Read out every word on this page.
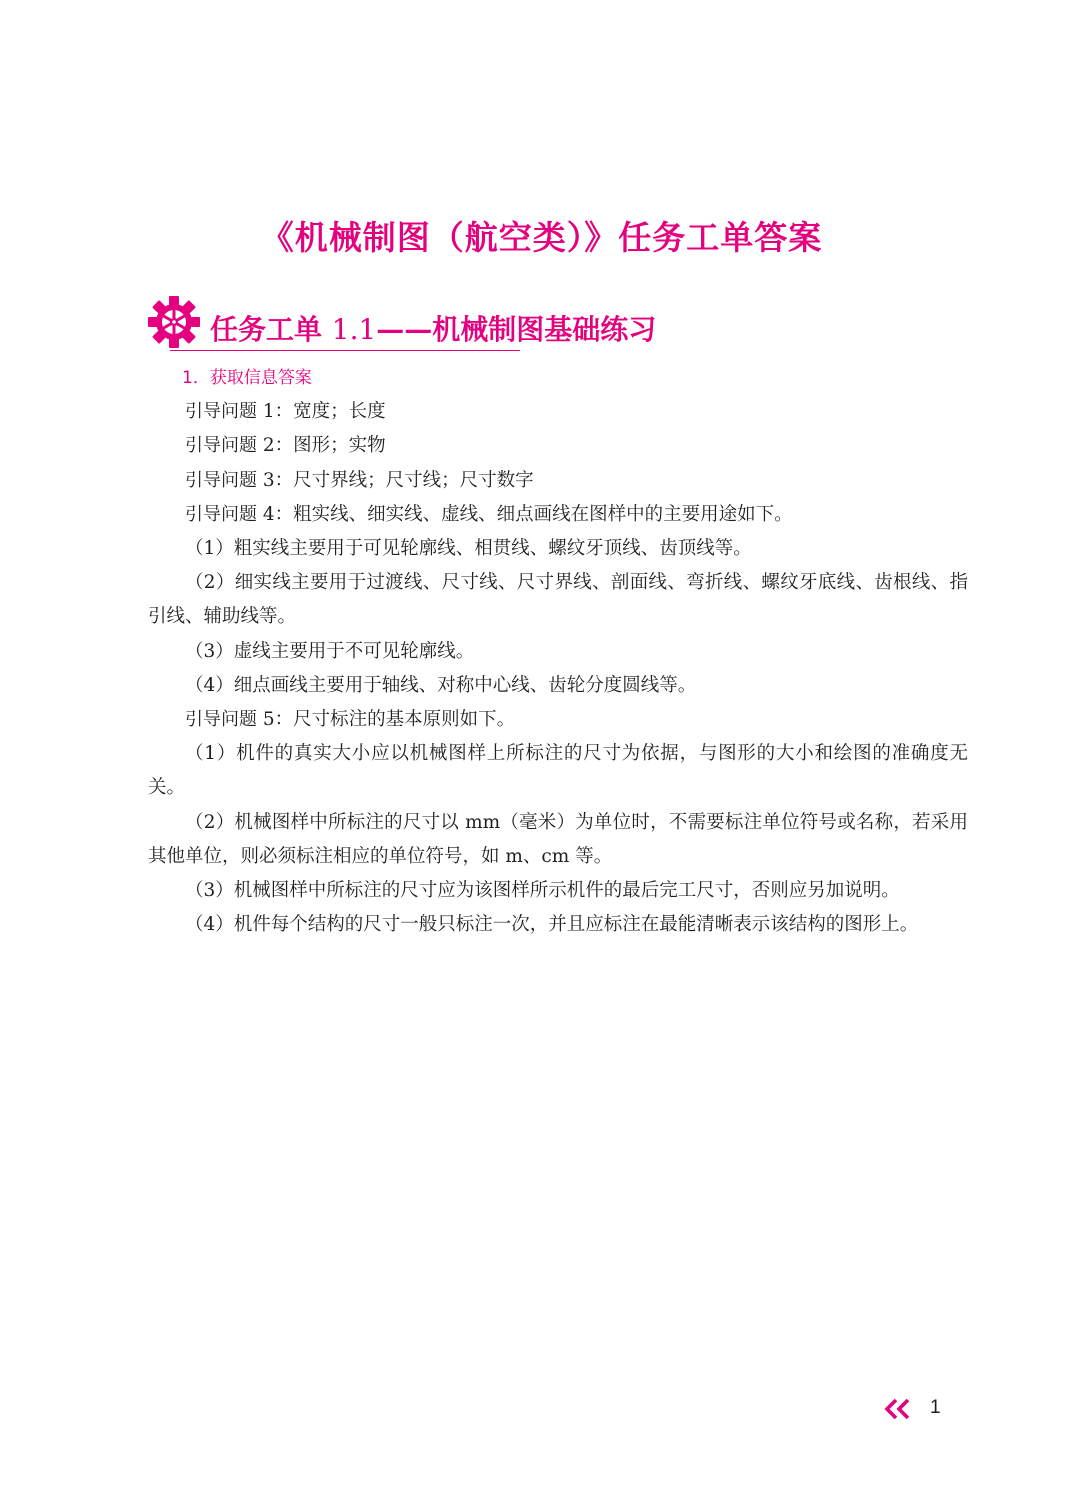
《机械制图（航空类）》任务工单答案
任务工单 1.1——机械制图基础练习

1．获取信息答案

引导问题 1：宽度；长度

引导问题 2：图形；实物

引导问题 3：尺寸界线；尺寸线；尺寸数字

引导问题 4：粗实线、细实线、虚线、细点画线在图样中的主要用途如下。

（1）粗实线主要用于可见轮廓线、相贯线、螺纹牙顶线、齿顶线等。

（2）细实线主要用于过渡线、尺寸线、尺寸界线、剖面线、弯折线、螺纹牙底线、齿根线、指引线、辅助线等。

（3）虚线主要用于不可见轮廓线。

（4）细点画线主要用于轴线、对称中心线、齿轮分度圆线等。

引导问题 5：尺寸标注的基本原则如下。

（1）机件的真实大小应以机械图样上所标注的尺寸为依据，与图形的大小和绘图的准确度无关。

（2）机械图样中所标注的尺寸以 mm（毫米）为单位时，不需要标注单位符号或名称，若采用其他单位，则必须标注相应的单位符号，如 m、cm 等。

（3）机械图样中所标注的尺寸应为该图样所示机件的最后完工尺寸，否则应另加说明。

（4）机件每个结构的尺寸一般只标注一次，并且应标注在最能清晰表示该结构的图形上。

1
